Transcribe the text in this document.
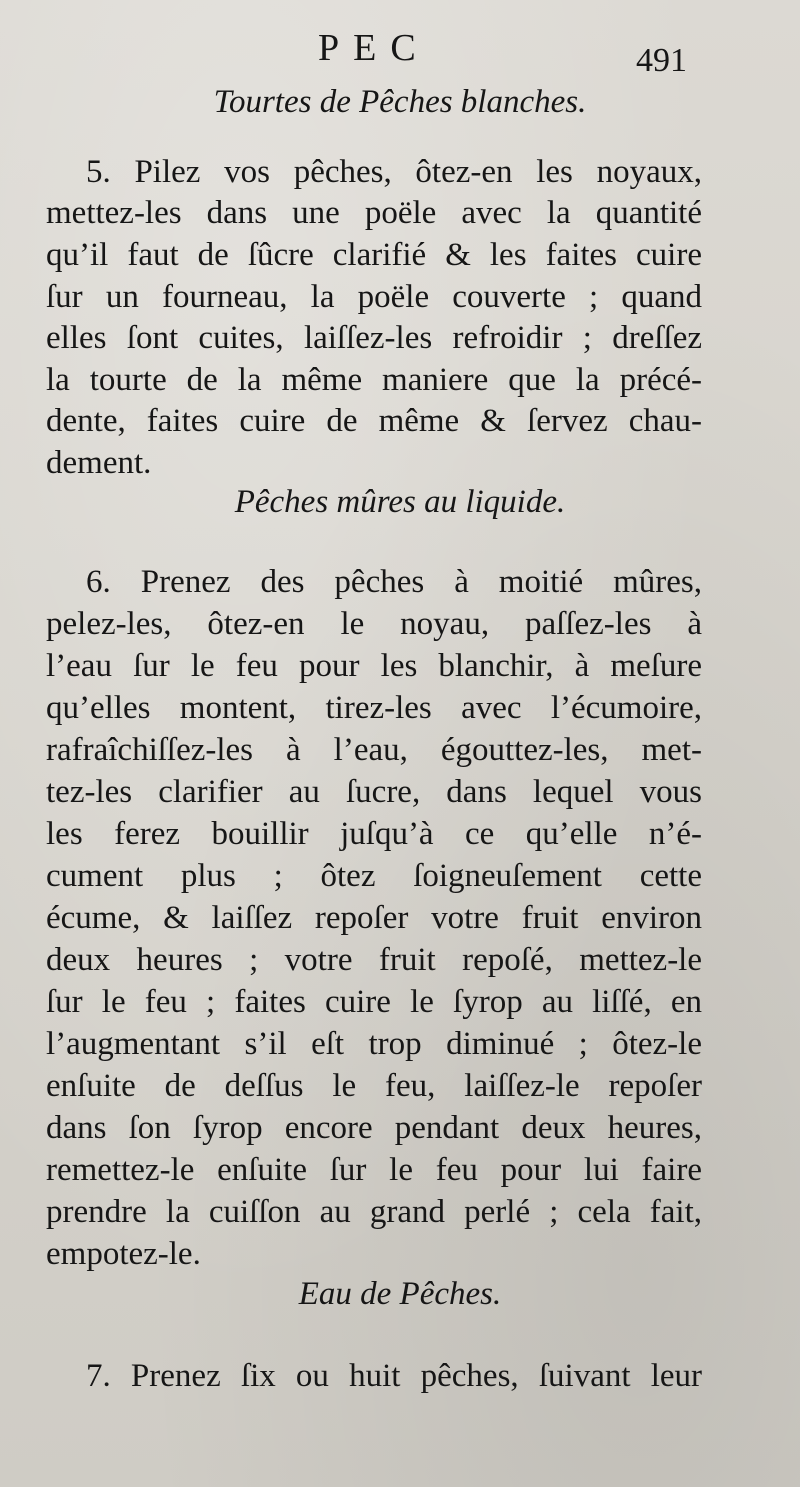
PEC	491
Tourtes de Pêches blanches.
5. Pilez vos pêches, ôtez-en les noyaux,
mettez-les dans une poële avec la quantité
qu’il faut de ſûcre clarifié & les faites cuire
ſur un fourneau, la poële couverte ; quand
elles ſont cuites, laiſſez-les refroidir ; dreſſez
la tourte de la même maniere que la précé-
dente, faites cuire de même & ſervez chau-
dement.
Pêches mûres au liquide.
6. Prenez des pêches à moitié mûres,
pelez-les, ôtez-en le noyau, paſſez-les à
l’eau ſur le feu pour les blanchir, à meſure
qu’elles montent, tirez-les avec l’écumoire,
rafraîchiſſez-les à l’eau, égouttez-les, met-
tez-les clarifier au ſucre, dans lequel vous
les ferez bouillir juſqu’à ce qu’elle n’é-
cument plus ; ôtez ſoigneuſement cette
écume, & laiſſez repoſer votre fruit environ
deux heures ; votre fruit repoſé, mettez-le
ſur le feu ; faites cuire le ſyrop au liſſé, en
l’augmentant s’il eſt trop diminué ; ôtez-le
enſuite de deſſus le feu, laiſſez-le repoſer
dans ſon ſyrop encore pendant deux heures,
remettez-le enſuite ſur le feu pour lui faire
prendre la cuiſſon au grand perlé ; cela fait,
empotez-le.
Eau de Pêches.
7. Prenez ſix ou huit pêches, ſuivant leur
